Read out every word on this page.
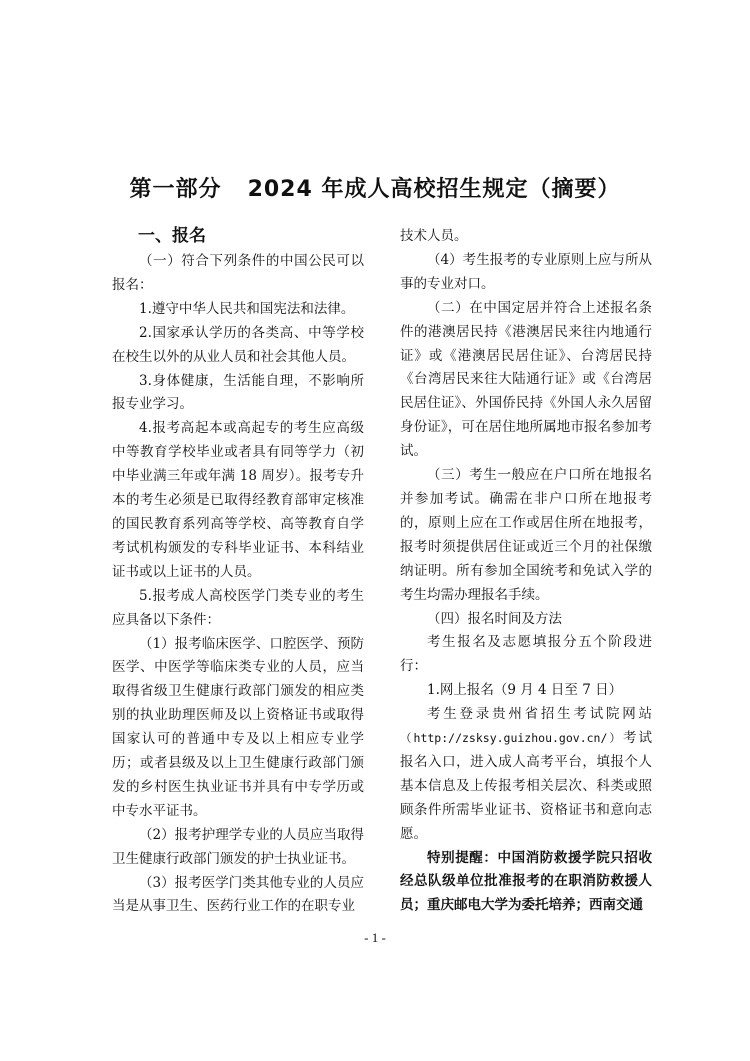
第一部分 2024 年成人高校招生规定（摘要）
一、报名

（一）符合下列条件的中国公民可以报名：

1.遵守中华人民共和国宪法和法律。

2.国家承认学历的各类高、中等学校在校生以外的从业人员和社会其他人员。

3.身体健康，生活能自理，不影响所报专业学习。

4.报考高起本或高起专的考生应高级中等教育学校毕业或者具有同等学力（初中毕业满三年或年满 18 周岁）。报考专升本的考生必须是已取得经教育部审定核准的国民教育系列高等学校、高等教育自学考试机构颁发的专科毕业证书、本科结业证书或以上证书的人员。

5.报考成人高校医学门类专业的考生应具备以下条件：

（1）报考临床医学、口腔医学、预防医学、中医学等临床类专业的人员，应当取得省级卫生健康行政部门颁发的相应类别的执业助理医师及以上资格证书或取得国家认可的普通中专及以上相应专业学历；或者县级及以上卫生健康行政部门颁发的乡村医生执业证书并具有中专学历或中专水平证书。

（2）报考护理学专业的人员应当取得卫生健康行政部门颁发的护士执业证书。

（3）报考医学门类其他专业的人员应当是从事卫生、医药行业工作的在职专业

技术人员。

（4）考生报考的专业原则上应与所从事的专业对口。

（二）在中国定居并符合上述报名条件的港澳居民持《港澳居民来往内地通行证》或《港澳居民居住证》、台湾居民持《台湾居民来往大陆通行证》或《台湾居民居住证》、外国侨民持《外国人永久居留身份证》，可在居住地所属地市报名参加考试。

（三）考生一般应在户口所在地报名并参加考试。确需在非户口所在地报考的，原则上应在工作或居住所在地报考，报考时须提供居住证或近三个月的社保缴纳证明。所有参加全国统考和免试入学的考生均需办理报名手续。

（四）报名时间及方法

考生报名及志愿填报分五个阶段进行：

1.网上报名（9 月 4 日至 7 日）

考生登录贵州省招生考试院网站（http://zsksy.guizhou.gov.cn/）考试报名入口，进入成人高考平台，填报个人基本信息及上传报考相关层次、科类或照顾条件所需毕业证书、资格证书和意向志愿。

特别提醒：中国消防救援学院只招收经总队级单位批准报考的在职消防救援人员；重庆邮电大学为委托培养；西南交通

- 1 -
